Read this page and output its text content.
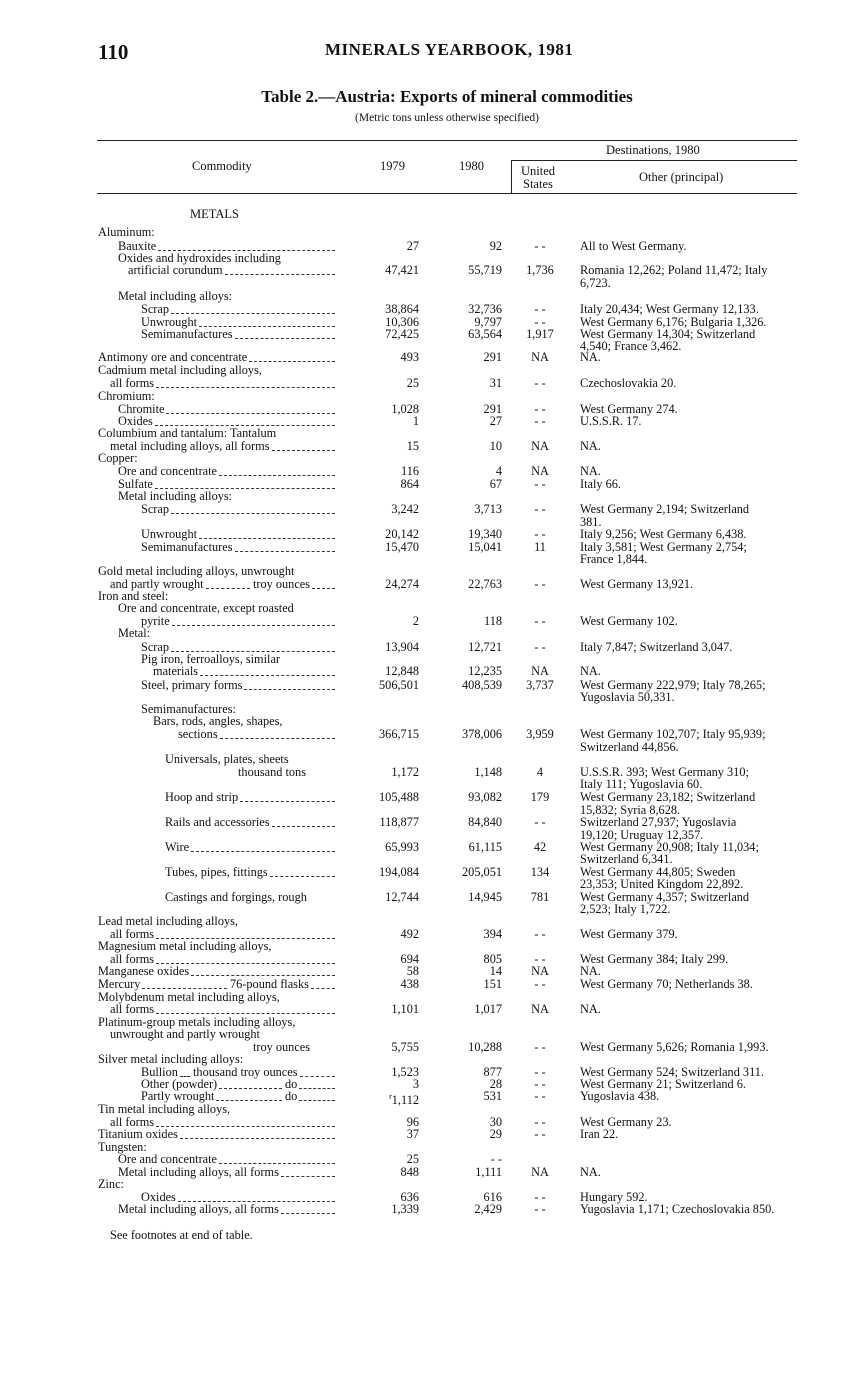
110	MINERALS YEARBOOK, 1981
Table 2.—Austria: Exports of mineral commodities
(Metric tons unless otherwise specified)
Commodity	1979	1980
Destinations, 1980
United
States	Other (principal)
METALS
Aluminum:
Bauxite	27	92	- -	All to West Germany.
Oxides and hydroxides including
artificial corundum	47,421	55,719	1,736	Romania 12,262; Poland 11,472; Italy
6,723.
Metal including alloys:
Scrap	38,864	32,736	- -	Italy 20,434; West Germany 12,133.
Unwrought	10,306	9,797	- -	West Germany 6,176; Bulgaria 1,326.
Semimanufactures	72,425	63,564	1,917	West Germany 14,304; Switzerland
4,540; France 3,462.
Antimony ore and concentrate	493	291	NA	NA.
Cadmium metal including alloys,
all forms	25	31	- -	Czechoslovakia 20.
Chromium:
Chromite	1,028	291	- -	West Germany 274.
Oxides	1	27	- -	U.S.S.R. 17.
Columbium and tantalum: Tantalum
metal including alloys, all forms	15	10	NA	NA.
Copper:
Ore and concentrate	116	4	NA	NA.
Sulfate	864	67	- -	Italy 66.
Metal including alloys:
Scrap	3,242	3,713	- -	West Germany 2,194; Switzerland
381.
Unwrought	20,142	19,340	- -	Italy 9,256; West Germany 6,438.
Semimanufactures	15,470	15,041	11	Italy 3,581; West Germany 2,754;
France 1,844.
Gold metal including alloys, unwrought
and partly wrought	troy ounces	24,274	22,763	- -	West Germany 13,921.
Iron and steel:
Ore and concentrate, except roasted
pyrite	2	118	- -	West Germany 102.
Metal:
Scrap	13,904	12,721	- -	Italy 7,847; Switzerland 3,047.
Pig iron, ferroalloys, similar
materials	12,848	12,235	NA	NA.
Steel, primary forms	506,501	408,539	3,737	West Germany 222,979; Italy 78,265;
Yugoslavia 50,331.
Semimanufactures:
Bars, rods, angles, shapes,
sections	366,715	378,006	3,959	West Germany 102,707; Italy 95,939;
Switzerland 44,856.
Universals, plates, sheets
thousand tons	1,172	1,148	4	U.S.S.R. 393; West Germany 310;
Italy 111; Yugoslavia 60.
Hoop and strip	105,488	93,082	179	West Germany 23,182; Switzerland
15,832; Syria 8,628.
Rails and accessories	118,877	84,840	- -	Switzerland 27,937; Yugoslavia
19,120; Uruguay 12,357.
Wire	65,993	61,115	42	West Germany 20,908; Italy 11,034;
Switzerland 6,341.
Tubes, pipes, fittings	194,084	205,051	134	West Germany 44,805; Sweden
23,353; United Kingdom 22,892.
Castings and forgings, rough	12,744	14,945	781	West Germany 4,357; Switzerland
2,523; Italy 1,722.
Lead metal including alloys,
all forms	492	394	- -	West Germany 379.
Magnesium metal including alloys,
all forms	694	805	- -	West Germany 384; Italy 299.
Manganese oxides	58	14	NA	NA.
Mercury	76-pound flasks	438	151	- -	West Germany 70; Netherlands 38.
Molybdenum metal including alloys,
all forms	1,101	1,017	NA	NA.
Platinum-group metals including alloys,
unwrought and partly wrought
troy ounces	5,755	10,288	- -	West Germany 5,626; Romania 1,993.
Silver metal including alloys:
Bullion thousand troy ounces	1,523	877	- -	West Germany 524; Switzerland 311.
Other (powder)	do	3	28	- -	West Germany 21; Switzerland 6.
Partly wrought	do	$^r$1,112	531	- -	Yugoslavia 438.
Tin metal including alloys,
all forms	96	30	- -	West Germany 23.
Titanium oxides	37	29	- -	Iran 22.
Tungsten:
Ore and concentrate	25	- -
Metal including alloys, all forms	848	1,111	NA	NA.
Zinc:
Oxides	636	616	- -	Hungary 592.
Metal including alloys, all forms	1,339	2,429	- -	Yugoslavia 1,171; Czechoslovakia 850.
See footnotes at end of table.
